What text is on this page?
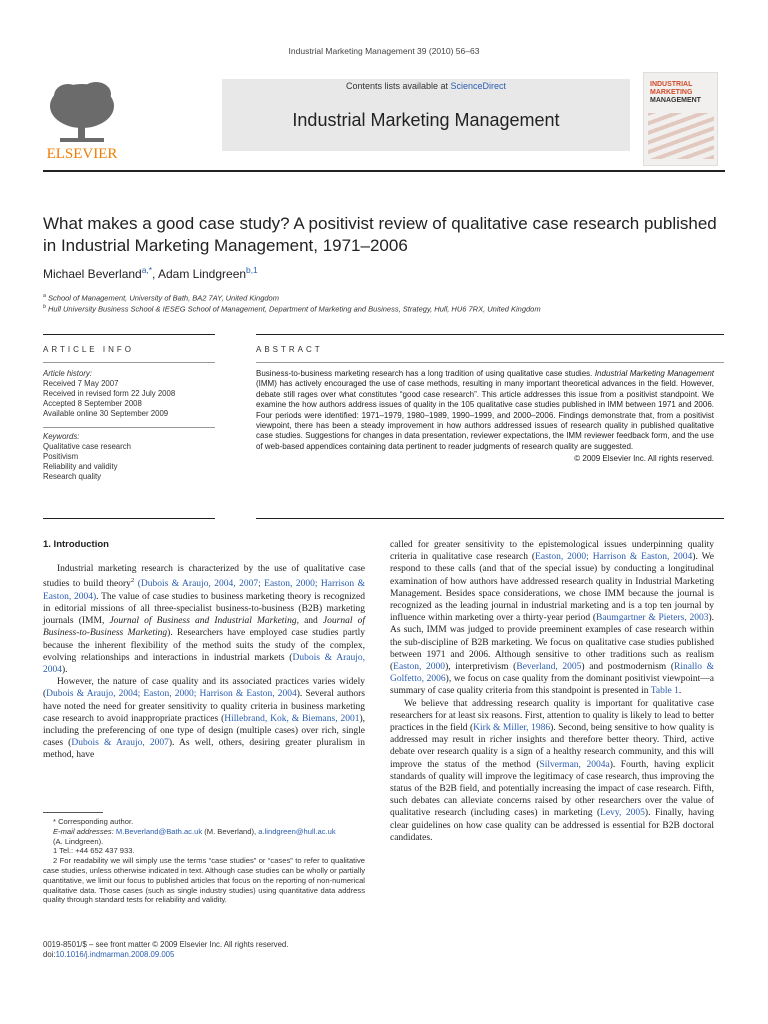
Industrial Marketing Management 39 (2010) 56–63
ELSEVIER
Contents lists available at ScienceDirect
Industrial Marketing Management
INDUSTRIAL
MARKETING
MANAGEMENT
What makes a good case study? A positivist review of qualitative case research published in Industrial Marketing Management, 1971–2006
Michael Beverland$^{a,*}$, Adam Lindgreen$^{b,1}$
$^a$ School of Management, University of Bath, BA2 7AY, United Kingdom
$^b$ Hull University Business School & IESEG School of Management, Department of Marketing and Business, Strategy, Hull, HU6 7RX, United Kingdom
ARTICLE INFO
Article history:
Received 7 May 2007
Received in revised form 22 July 2008
Accepted 8 September 2008
Available online 30 September 2009
Keywords:
Qualitative case research
Positivism
Reliability and validity
Research quality
ABSTRACT
Business-to-business marketing research has a long tradition of using qualitative case studies. Industrial Marketing Management (IMM) has actively encouraged the use of case methods, resulting in many important theoretical advances in the field. However, debate still rages over what constitutes “good case research”. This article addresses this issue from a positivist standpoint. We examine the how authors address issues of quality in the 105 qualitative case studies published in IMM between 1971 and 2006. Four periods were identified: 1971–1979, 1980–1989, 1990–1999, and 2000–2006. Findings demonstrate that, from a positivist viewpoint, there has been a steady improvement in how authors addressed issues of research quality in published qualitative case studies. Suggestions for changes in data presentation, reviewer expectations, the IMM reviewer feedback form, and the use of web-based appendices containing data pertinent to reader judgments of research quality are suggested.
© 2009 Elsevier Inc. All rights reserved.
1. Introduction

Industrial marketing research is characterized by the use of qualitative case studies to build theory$^2$ (Dubois & Araujo, 2004, 2007; Easton, 2000; Harrison & Easton, 2004). The value of case studies to business marketing theory is recognized in editorial missions of all three-specialist business-to-business (B2B) marketing journals (IMM, Journal of Business and Industrial Marketing, and Journal of Business-to-Business Marketing). Researchers have employed case studies partly because the inherent flexibility of the method suits the study of the complex, evolving relationships and interactions in industrial markets (Dubois & Araujo, 2004).

However, the nature of case quality and its associated practices varies widely (Dubois & Araujo, 2004; Easton, 2000; Harrison & Easton, 2004). Several authors have noted the need for greater sensitivity to quality criteria in business marketing case research to avoid inappropriate practices (Hillebrand, Kok, & Biemans, 2001), including the preferencing of one type of design (multiple cases) over rich, single cases (Dubois & Araujo, 2007). As well, others, desiring greater pluralism in method, have

* Corresponding author.
E-mail addresses: M.Beverland@Bath.ac.uk (M. Beverland), a.lindgreen@hull.ac.uk
(A. Lindgreen).
1 Tel.: +44 652 437 933.
2 For readability we will simply use the terms “case studies” or “cases” to refer to qualitative case studies, unless otherwise indicated in text. Although case studies can be wholly or partially quantitative, we limit our focus to published articles that focus on the reporting of non-numerical qualitative data. Those cases (such as single industry studies) using quantitative data address quality through standard tests for reliability and validity.
0019-8501/$ – see front matter © 2009 Elsevier Inc. All rights reserved.
doi:10.1016/j.indmarman.2008.09.005

called for greater sensitivity to the epistemological issues underpinning quality criteria in qualitative case research (Easton, 2000; Harrison & Easton, 2004). We respond to these calls (and that of the special issue) by conducting a longitudinal examination of how authors have addressed research quality in Industrial Marketing Management. Besides space considerations, we chose IMM because the journal is recognized as the leading journal in industrial marketing and is a top ten journal by influence within marketing over a thirty-year period (Baumgartner & Pieters, 2003). As such, IMM was judged to provide preeminent examples of case research within the sub-discipline of B2B marketing. We focus on qualitative case studies published between 1971 and 2006. Although sensitive to other traditions such as realism (Easton, 2000), interpretivism (Beverland, 2005) and postmodernism (Rinallo & Golfetto, 2006), we focus on case quality from the dominant positivist viewpoint—a summary of case quality criteria from this standpoint is presented in Table 1.

We believe that addressing research quality is important for qualitative case researchers for at least six reasons. First, attention to quality is likely to lead to better practices in the field (Kirk & Miller, 1986). Second, being sensitive to how quality is addressed may result in richer insights and therefore better theory. Third, active debate over research quality is a sign of a healthy research community, and this will improve the status of the method (Silverman, 2004a). Fourth, having explicit standards of quality will improve the legitimacy of case research, thus improving the status of the B2B field, and potentially increasing the impact of case research. Fifth, such debates can alleviate concerns raised by other researchers over the value of qualitative research (including cases) in marketing (Levy, 2005). Finally, having clear guidelines on how case quality can be addressed is essential for B2B doctoral candidates.
